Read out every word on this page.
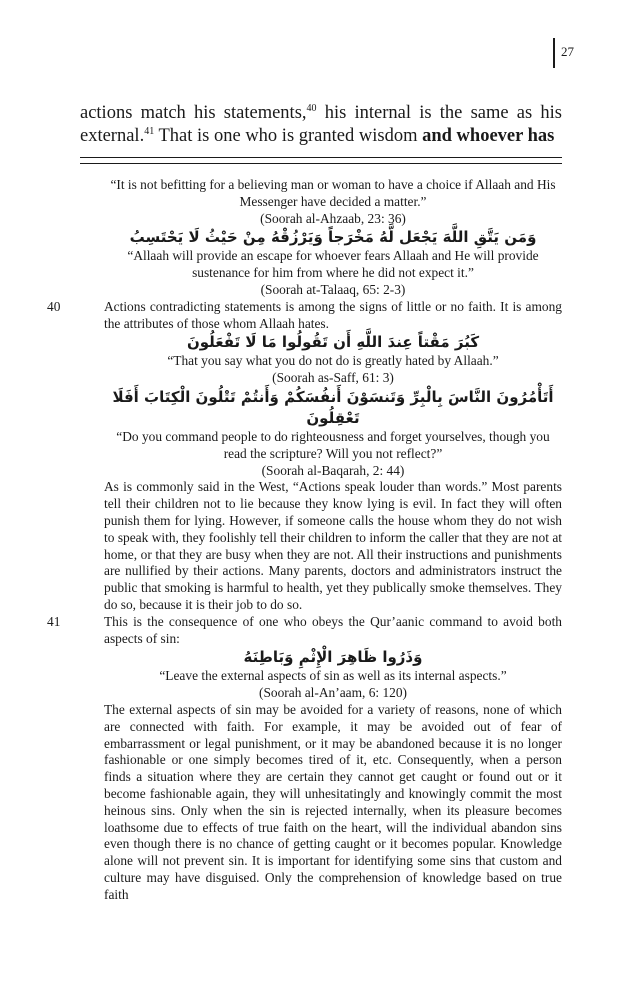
27
actions match his statements,$^{40}$ his internal is the same as his external.$^{41}$ That is one who is granted wisdom and whoever has

“It is not befitting for a believing man or woman to have a choice if Allaah and His Messenger have decided a matter.”

(Soorah al-Ahzaab, 23: 36)

وَمَن يَتَّقِ اللَّهَ يَجْعَل لَّهُ مَخْرَجاً وَيَرْزُقْهُ مِنْ حَيْثُ لَا يَحْتَسِبُ

“Allaah will provide an escape for whoever fears Allaah and He will provide sustenance for him from where he did not expect it.”

(Soorah at-Talaaq, 65: 2-3)

40	Actions contradicting statements is among the signs of little or no faith. It is among the attributes of those whom Allaah hates.

كَبُرَ مَقْتاً عِندَ اللَّهِ أَن تَقُولُوا مَا لَا تَفْعَلُونَ

“That you say what you do not do is greatly hated by Allaah.”

(Soorah as-Saff, 61: 3)

أَتَأْمُرُونَ النَّاسَ بِالْبِرِّ وَتَنسَوْنَ أَنفُسَكُمْ وَأَنتُمْ تَتْلُونَ الْكِتَابَ أَفَلَا تَعْقِلُونَ

“Do you command people to do righteousness and forget yourselves, though you read the scripture? Will you not reflect?”

(Soorah al-Baqarah, 2: 44)

As is commonly said in the West, “Actions speak louder than words.” Most parents tell their children not to lie because they know lying is evil. In fact they will often punish them for lying. However, if someone calls the house whom they do not wish to speak with, they foolishly tell their children to inform the caller that they are not at home, or that they are busy when they are not. All their instructions and punishments are nullified by their actions. Many parents, doctors and administrators instruct the public that smoking is harmful to health, yet they publically smoke themselves. They do so, because it is their job to do so.

41	This is the consequence of one who obeys the Qur’aanic command to avoid both aspects of sin:

وَذَرُوا ظَاهِرَ الْإِثْمِ وَبَاطِنَهُ

“Leave the external aspects of sin as well as its internal aspects.”

(Soorah al-An’aam, 6: 120)

The external aspects of sin may be avoided for a variety of reasons, none of which are connected with faith. For example, it may be avoided out of fear of embarrassment or legal punishment, or it may be abandoned because it is no longer fashionable or one simply becomes tired of it, etc. Consequently, when a person finds a situation where they are certain they cannot get caught or found out or it become fashionable again, they will unhesitatingly and knowingly commit the most heinous sins. Only when the sin is rejected internally, when its pleasure becomes loathsome due to effects of true faith on the heart, will the individual abandon sins even though there is no chance of getting caught or it becomes popular. Knowledge alone will not prevent sin. It is important for identifying some sins that custom and culture may have disguised. Only the comprehension of knowledge based on true faith
